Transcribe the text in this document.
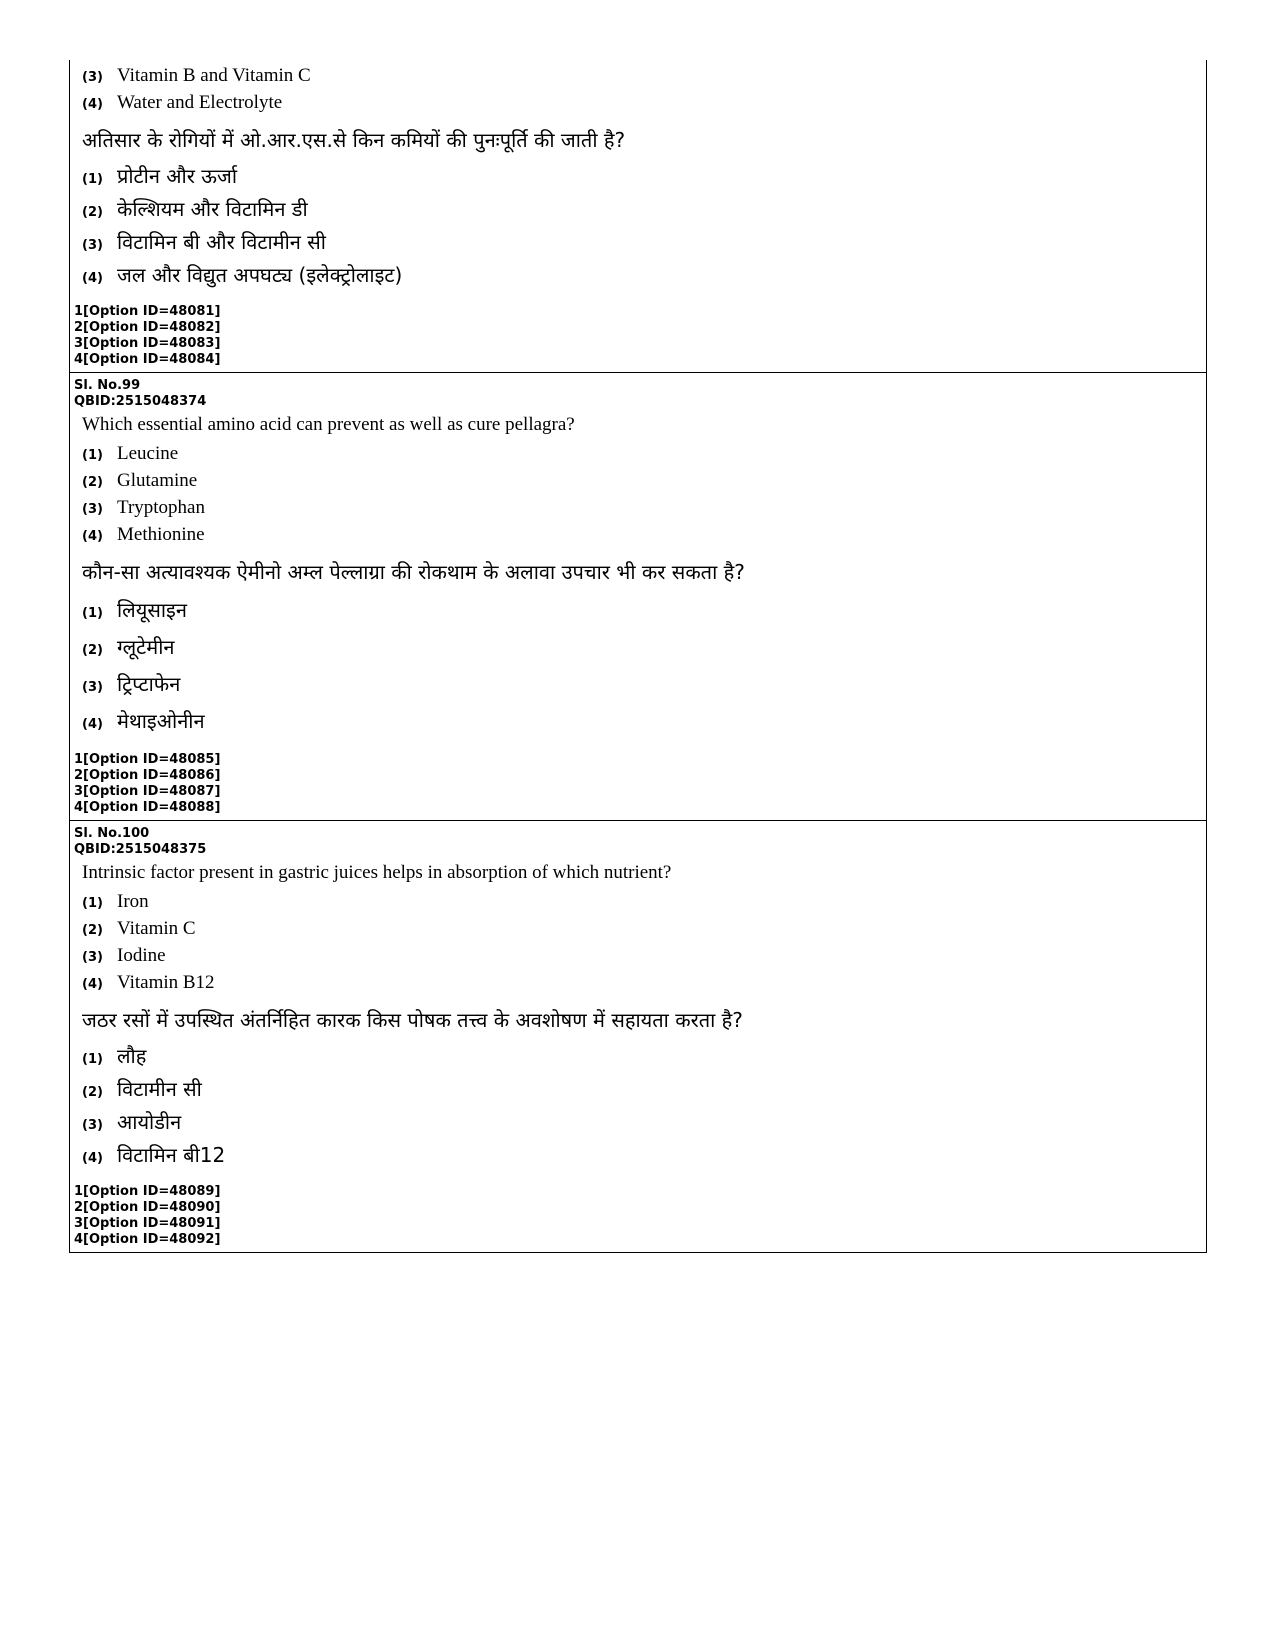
(3) Vitamin B and Vitamin C
(4) Water and Electrolyte
अतिसार के रोगियों में ओ.आर.एस.से किन कमियों की पुनःपूर्ति की जाती है?
(1) प्रोटीन और ऊर्जा
(2) केल्शियम और विटामिन डी
(3) विटामिन बी और विटामीन सी
(4) जल और विद्युत अपघट्य (इलेक्ट्रोलाइट)
1[Option ID=48081]
2[Option ID=48082]
3[Option ID=48083]
4[Option ID=48084]
Sl. No.99
QBID:2515048374
Which essential amino acid can prevent as well as cure pellagra?
(1) Leucine
(2) Glutamine
(3) Tryptophan
(4) Methionine
कौन-सा अत्यावश्यक ऐमीनो अम्ल पेल्लाग्रा की रोकथाम के अलावा उपचार भी कर सकता है?
(1) लियूसाइन
(2) ग्लूटेमीन
(3) ट्रिप्टाफेन
(4) मेथाइओनीन
1[Option ID=48085]
2[Option ID=48086]
3[Option ID=48087]
4[Option ID=48088]
Sl. No.100
QBID:2515048375
Intrinsic factor present in gastric juices helps in absorption of which nutrient?
(1) Iron
(2) Vitamin C
(3) Iodine
(4) Vitamin B12
जठर रसों में उपस्थित अंतर्निहित कारक किस पोषक तत्त्व के अवशोषण में सहायता करता है?
(1) लौह
(2) विटामीन सी
(3) आयोडीन
(4) विटामिन बी12
1[Option ID=48089]
2[Option ID=48090]
3[Option ID=48091]
4[Option ID=48092]
